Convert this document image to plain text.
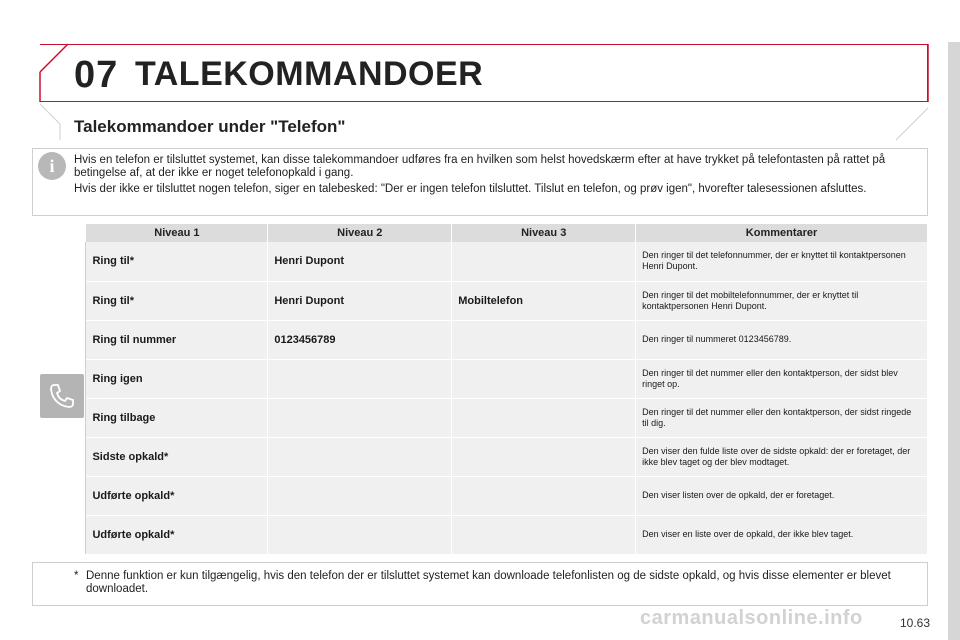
07 TALEKOMMANDOER
Talekommandoer under "Telefon"
i	Hvis en telefon er tilsluttet systemet, kan disse talekommandoer udføres fra en hvilken som helst hovedskærm efter at have trykket på telefontasten på rattet på betingelse af, at der ikke er noget telefonopkald i gang.

Hvis der ikke er tilsluttet nogen telefon, siger en talebesked: "Der er ingen telefon tilsluttet. Tilslut en telefon, og prøv igen", hvorefter talesessionen afsluttes.

	Niveau 1	Niveau 2	Niveau 3	Kommentarer
	Ring til*	Henri Dupont		Den ringer til det telefonnummer, der er knyttet til kontaktpersonen Henri Dupont.
	Ring til*	Henri Dupont	Mobiltelefon	Den ringer til det mobiltelefonnummer, der er knyttet til kontaktpersonen Henri Dupont.
	Ring til nummer	0123456789		Den ringer til nummeret 0123456789.
	Ring igen			Den ringer til det nummer eller den kontaktperson, der sidst blev ringet op.
	Ring tilbage			Den ringer til det nummer eller den kontaktperson, der sidst ringede til dig.
	Sidste opkald*			Den viser den fulde liste over de sidste opkald: der er foretaget, der ikke blev taget og der blev modtaget.
	Udførte opkald*			Den viser listen over de opkald, der er foretaget.
	Udførte opkald*			Den viser en liste over de opkald, der ikke blev taget.
* Denne funktion er kun tilgængelig, hvis den telefon der er tilsluttet systemet kan downloade telefonlisten og de sidste opkald, og hvis disse elementer er blevet downloadet.
carmanualsonline.info	10.63
